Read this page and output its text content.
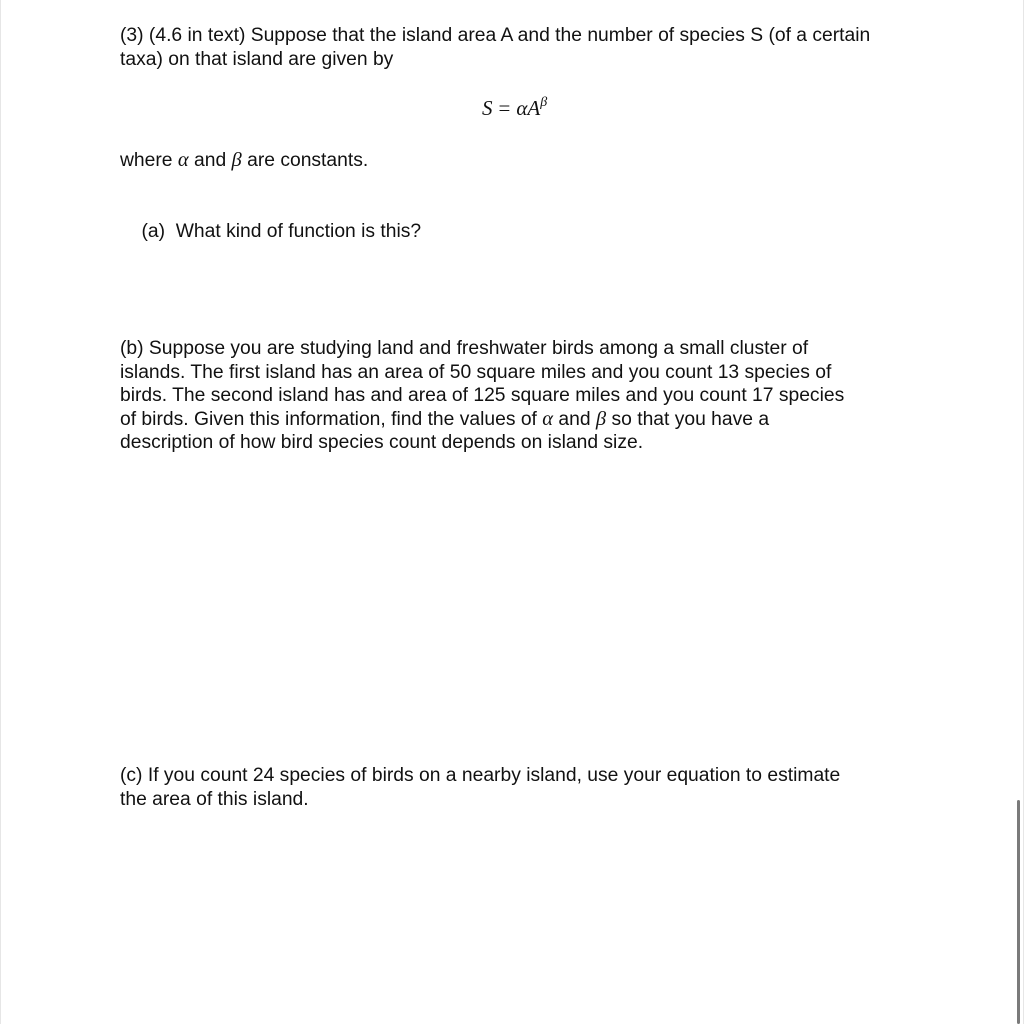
(3) (4.6 in text) Suppose that the island area A and the number of species S (of a certain
taxa) on that island are given by

$S = \alpha A^\beta$

where α and β are constants.

(a)  What kind of function is this?

(b) Suppose you are studying land and freshwater birds among a small cluster of
islands. The first island has an area of 50 square miles and you count 13 species of
birds. The second island has and area of 125 square miles and you count 17 species
of birds. Given this information, find the values of α and β so that you have a
description of how bird species count depends on island size.

(c) If you count 24 species of birds on a nearby island, use your equation to estimate
the area of this island.
